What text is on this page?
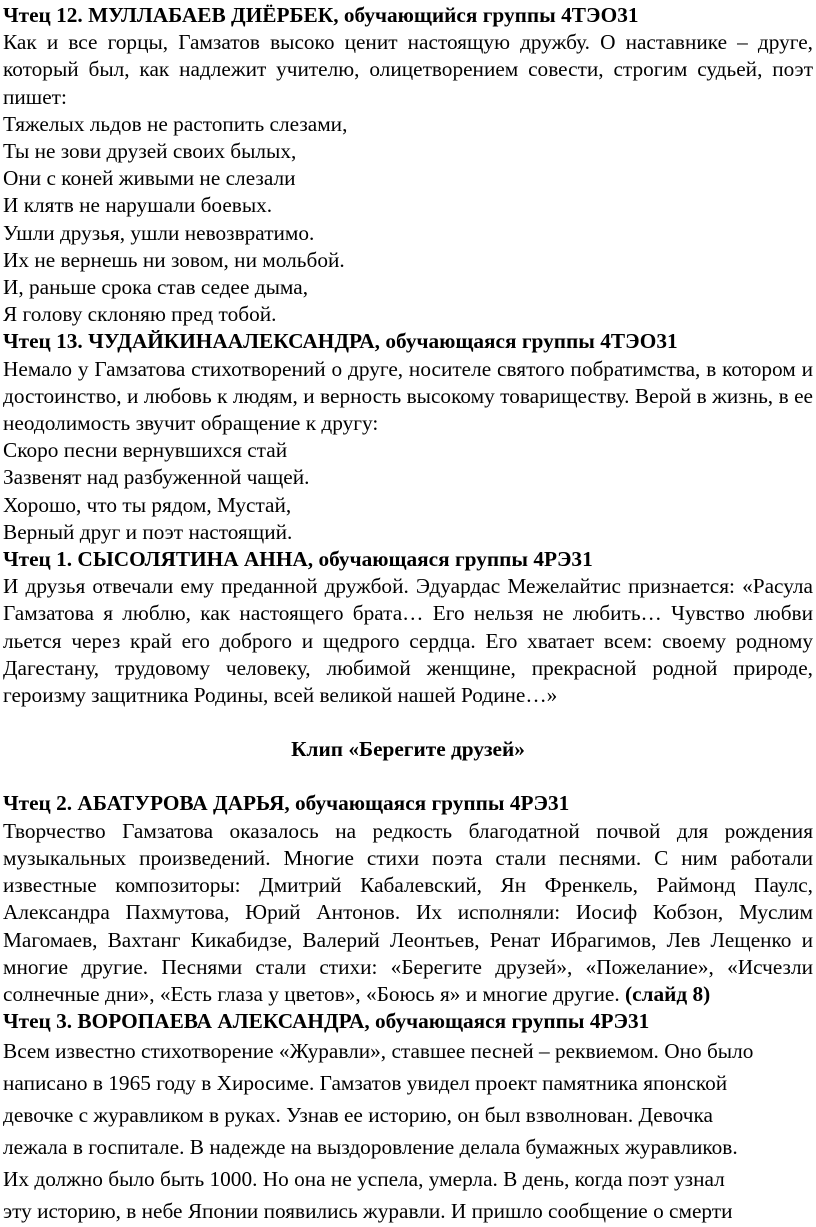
Чтец 12. МУЛЛАБАЕВ ДИЁРБЕК, обучающийся группы 4ТЭО31

Как и все горцы, Гамзатов высоко ценит настоящую дружбу. О наставнике – друге, который был, как надлежит учителю, олицетворением совести, строгим судьей, поэт пишет:

Тяжелых льдов не растопить слезами,

Ты не зови друзей своих былых,

Они с коней живыми не слезали

И клятв не нарушали боевых.

Ушли друзья, ушли невозвратимо.

Их не вернешь ни зовом, ни мольбой.

И, раньше срока став седее дыма,

Я голову склоняю пред тобой.

Чтец 13. ЧУДАЙКИНААЛЕКСАНДРА, обучающаяся группы 4ТЭО31

Немало у Гамзатова стихотворений о друге, носителе святого побратимства, в котором и достоинство, и любовь к людям, и верность высокому товариществу. Верой в жизнь, в ее неодолимость звучит обращение к другу:

Скоро песни вернувшихся стай

Зазвенят над разбуженной чащей.

Хорошо, что ты рядом, Мустай,

Верный друг и поэт настоящий.

Чтец 1. СЫСОЛЯТИНА АННА, обучающаяся группы 4РЭ31

И друзья отвечали ему преданной дружбой. Эдуардас Межелайтис признается: «Расула Гамзатова я люблю, как настоящего брата… Его нельзя не любить… Чувство любви льется через край его доброго и щедрого сердца. Его хватает всем: своему родному Дагестану, трудовому человеку, любимой женщине, прекрасной родной природе, героизму защитника Родины, всей великой нашей Родине…»

Клип «Берегите друзей»

Чтец 2. АБАТУРОВА ДАРЬЯ, обучающаяся группы 4РЭ31

Творчество Гамзатова оказалось на редкость благодатной почвой для рождения музыкальных произведений. Многие стихи поэта стали песнями. С ним работали известные композиторы: Дмитрий Кабалевский, Ян Френкель, Раймонд Паулс, Александра Пахмутова, Юрий Антонов. Их исполняли: Иосиф Кобзон, Муслим Магомаев, Вахтанг Кикабидзе, Валерий Леонтьев, Ренат Ибрагимов, Лев Лещенко и многие другие. Песнями стали стихи: «Берегите друзей», «Пожелание», «Исчезли солнечные дни», «Есть глаза у цветов», «Боюсь я» и многие другие. (слайд 8)

Чтец 3. ВОРОПАЕВА АЛЕКСАНДРА, обучающаяся группы 4РЭ31

Всем известно стихотворение «Журавли», ставшее песней – реквиемом. Оно было

написано в 1965 году в Хиросиме. Гамзатов увидел проект памятника японской

девочке с журавликом в руках. Узнав ее историю, он был взволнован. Девочка

лежала в госпитале. В надежде на выздоровление делала бумажных журавликов.

Их должно было быть 1000. Но она не успела, умерла. В день, когда поэт узнал

эту историю, в небе Японии появились журавли. И пришло сообщение о смерти
